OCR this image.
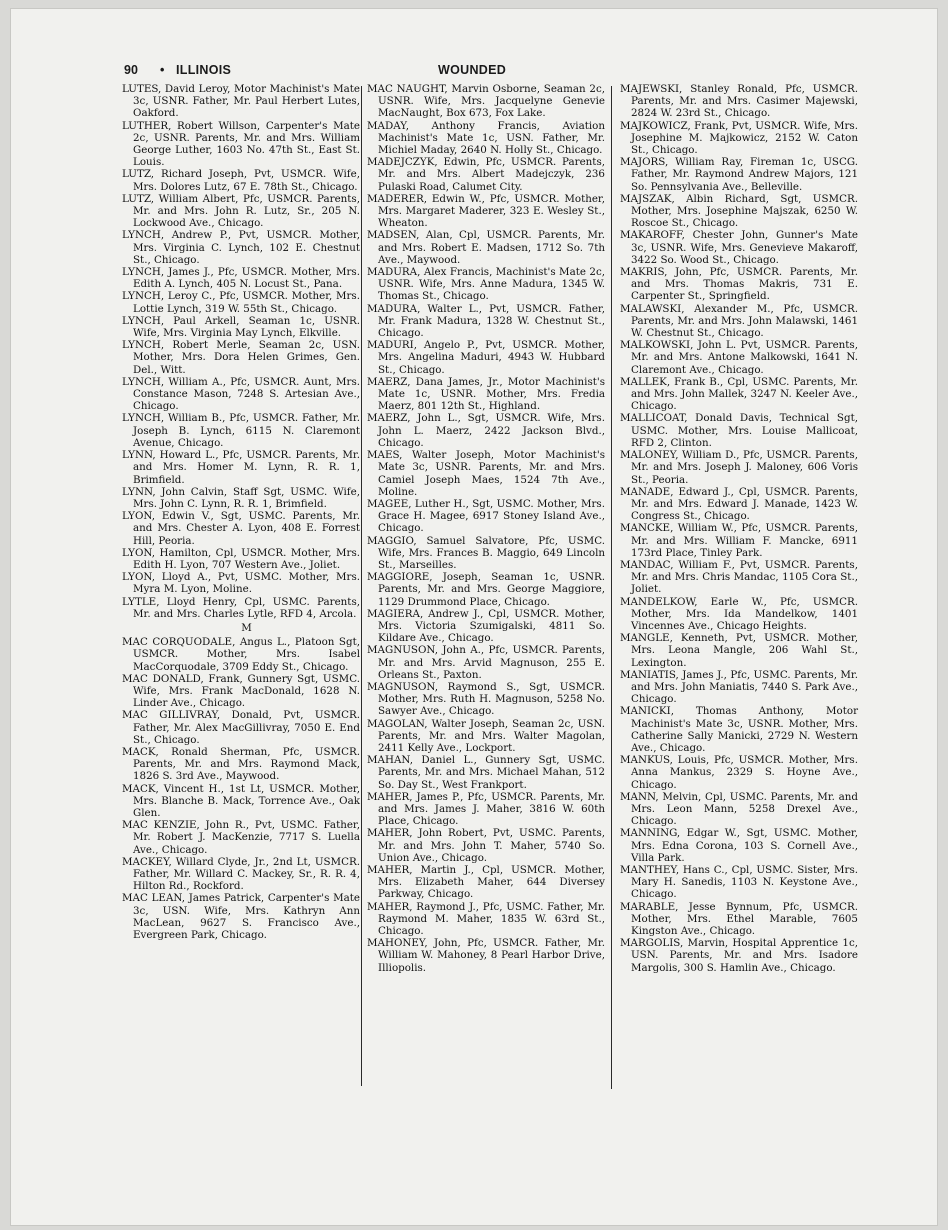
90 • ILLINOIS	WOUNDED

LUTES, David Leroy, Motor Machinist's Mate 3c, USNR. Father, Mr. Paul Herbert Lutes, Oakford.

LUTHER, Robert Willson, Carpenter's Mate 2c, USNR. Parents, Mr. and Mrs. William George Luther, 1603 No. 47th St., East St. Louis.

LUTZ, Richard Joseph, Pvt, USMCR. Wife, Mrs. Dolores Lutz, 67 E. 78th St., Chicago.

LUTZ, William Albert, Pfc, USMCR. Parents, Mr. and Mrs. John R. Lutz, Sr., 205 N. Lockwood Ave., Chicago.

LYNCH, Andrew P., Pvt, USMCR. Mother, Mrs. Virginia C. Lynch, 102 E. Chestnut St., Chicago.

LYNCH, James J., Pfc, USMCR. Mother, Mrs. Edith A. Lynch, 405 N. Locust St., Pana.

LYNCH, Leroy C., Pfc, USMCR. Mother, Mrs. Lottie Lynch, 319 W. 55th St., Chicago.

LYNCH, Paul Arkell, Seaman 1c, USNR. Wife, Mrs. Virginia May Lynch, Elkville.

LYNCH, Robert Merle, Seaman 2c, USN. Mother, Mrs. Dora Helen Grimes, Gen. Del., Witt.

LYNCH, William A., Pfc, USMCR. Aunt, Mrs. Constance Mason, 7248 S. Artesian Ave., Chicago.

LYNCH, William B., Pfc, USMCR. Father, Mr. Joseph B. Lynch, 6115 N. Claremont Avenue, Chicago.

LYNN, Howard L., Pfc, USMCR. Parents, Mr. and Mrs. Homer M. Lynn, R. R. 1, Brimfield.

LYNN, John Calvin, Staff Sgt, USMC. Wife, Mrs. John C. Lynn, R. R. 1, Brimfield.

LYON, Edwin V., Sgt, USMC. Parents, Mr. and Mrs. Chester A. Lyon, 408 E. Forrest Hill, Peoria.

LYON, Hamilton, Cpl, USMCR. Mother, Mrs. Edith H. Lyon, 707 Western Ave., Joliet.

LYON, Lloyd A., Pvt, USMC. Mother, Mrs. Myra M. Lyon, Moline.

LYTLE, Lloyd Henry, Cpl, USMC. Parents, Mr. and Mrs. Charles Lytle, RFD 4, Arcola.

M

MAC CORQUODALE, Angus L., Platoon Sgt, USMCR. Mother, Mrs. Isabel MacCorquodale, 3709 Eddy St., Chicago.

MAC DONALD, Frank, Gunnery Sgt, USMC. Wife, Mrs. Frank MacDonald, 1628 N. Linder Ave., Chicago.

MAC GILLIVRAY, Donald, Pvt, USMCR. Father, Mr. Alex MacGillivray, 7050 E. End St., Chicago.

MACK, Ronald Sherman, Pfc, USMCR. Parents, Mr. and Mrs. Raymond Mack, 1826 S. 3rd Ave., Maywood.

MACK, Vincent H., 1st Lt, USMCR. Mother, Mrs. Blanche B. Mack, Torrence Ave., Oak Glen.

MAC KENZIE, John R., Pvt, USMC. Father, Mr. Robert J. MacKenzie, 7717 S. Luella Ave., Chicago.

MACKEY, Willard Clyde, Jr., 2nd Lt, USMCR. Father, Mr. Willard C. Mackey, Sr., R. R. 4, Hilton Rd., Rockford.

MAC LEAN, James Patrick, Carpenter's Mate 3c, USN. Wife, Mrs. Kathryn Ann MacLean, 9627 S. Francisco Ave., Evergreen Park, Chicago.

MAC NAUGHT, Marvin Osborne, Seaman 2c, USNR. Wife, Mrs. Jacquelyne Genevie MacNaught, Box 673, Fox Lake.

MADAY, Anthony Francis, Aviation Machinist's Mate 1c, USN. Father, Mr. Michiel Maday, 2640 N. Holly St., Chicago.

MADEJCZYK, Edwin, Pfc, USMCR. Parents, Mr. and Mrs. Albert Madejczyk, 236 Pulaski Road, Calumet City.

MADERER, Edwin W., Pfc, USMCR. Mother, Mrs. Margaret Maderer, 323 E. Wesley St., Wheaton.

MADSEN, Alan, Cpl, USMCR. Parents, Mr. and Mrs. Robert E. Madsen, 1712 So. 7th Ave., Maywood.

MADURA, Alex Francis, Machinist's Mate 2c, USNR. Wife, Mrs. Anne Madura, 1345 W. Thomas St., Chicago.

MADURA, Walter L., Pvt, USMCR. Father, Mr. Frank Madura, 1328 W. Chestnut St., Chicago.

MADURI, Angelo P., Pvt, USMCR. Mother, Mrs. Angelina Maduri, 4943 W. Hubbard St., Chicago.

MAERZ, Dana James, Jr., Motor Machinist's Mate 1c, USNR. Mother, Mrs. Fredia Maerz, 801 12th St., Highland.

MAERZ, John L., Sgt, USMCR. Wife, Mrs. John L. Maerz, 2422 Jackson Blvd., Chicago.

MAES, Walter Joseph, Motor Machinist's Mate 3c, USNR. Parents, Mr. and Mrs. Camiel Joseph Maes, 1524 7th Ave., Moline.

MAGEE, Luther H., Sgt, USMC. Mother, Mrs. Grace H. Magee, 6917 Stoney Island Ave., Chicago.

MAGGIO, Samuel Salvatore, Pfc, USMC. Wife, Mrs. Frances B. Maggio, 649 Lincoln St., Marseilles.

MAGGIORE, Joseph, Seaman 1c, USNR. Parents, Mr. and Mrs. George Maggiore, 1129 Drummond Place, Chicago.

MAGIERA, Andrew J., Cpl, USMCR. Mother, Mrs. Victoria Szumigalski, 4811 So. Kildare Ave., Chicago.

MAGNUSON, John A., Pfc, USMCR. Parents, Mr. and Mrs. Arvid Magnuson, 255 E. Orleans St., Paxton.

MAGNUSON, Raymond S., Sgt, USMCR. Mother, Mrs. Ruth H. Magnuson, 5258 No. Sawyer Ave., Chicago.

MAGOLAN, Walter Joseph, Seaman 2c, USN. Parents, Mr. and Mrs. Walter Magolan, 2411 Kelly Ave., Lockport.

MAHAN, Daniel L., Gunnery Sgt, USMC. Parents, Mr. and Mrs. Michael Mahan, 512 So. Day St., West Frankport.

MAHER, James P., Pfc, USMCR. Parents, Mr. and Mrs. James J. Maher, 3816 W. 60th Place, Chicago.

MAHER, John Robert, Pvt, USMC. Parents, Mr. and Mrs. John T. Maher, 5740 So. Union Ave., Chicago.

MAHER, Martin J., Cpl, USMCR. Mother, Mrs. Elizabeth Maher, 644 Diversey Parkway, Chicago.

MAHER, Raymond J., Pfc, USMC. Father, Mr. Raymond M. Maher, 1835 W. 63rd St., Chicago.

MAHONEY, John, Pfc, USMCR. Father, Mr. William W. Mahoney, 8 Pearl Harbor Drive, Illiopolis.

MAJEWSKI, Stanley Ronald, Pfc, USMCR. Parents, Mr. and Mrs. Casimer Majewski, 2824 W. 23rd St., Chicago.

MAJKOWICZ, Frank, Pvt, USMCR. Wife, Mrs. Josephine M. Majkowicz, 2152 W. Caton St., Chicago.

MAJORS, William Ray, Fireman 1c, USCG. Father, Mr. Raymond Andrew Majors, 121 So. Pennsylvania Ave., Belleville.

MAJSZAK, Albin Richard, Sgt, USMCR. Mother, Mrs. Josephine Majszak, 6250 W. Roscoe St., Chicago.

MAKAROFF, Chester John, Gunner's Mate 3c, USNR. Wife, Mrs. Genevieve Makaroff, 3422 So. Wood St., Chicago.

MAKRIS, John, Pfc, USMCR. Parents, Mr. and Mrs. Thomas Makris, 731 E. Carpenter St., Springfield.

MALAWSKI, Alexander M., Pfc, USMCR. Parents, Mr. and Mrs. John Malawski, 1461 W. Chestnut St., Chicago.

MALKOWSKI, John L. Pvt, USMCR. Parents, Mr. and Mrs. Antone Malkowski, 1641 N. Claremont Ave., Chicago.

MALLEK, Frank B., Cpl, USMC. Parents, Mr. and Mrs. John Mallek, 3247 N. Keeler Ave., Chicago.

MALLICOAT, Donald Davis, Technical Sgt, USMC. Mother, Mrs. Louise Mallicoat, RFD 2, Clinton.

MALONEY, William D., Pfc, USMCR. Parents, Mr. and Mrs. Joseph J. Maloney, 606 Voris St., Peoria.

MANADE, Edward J., Cpl, USMCR. Parents, Mr. and Mrs. Edward J. Manade, 1423 W. Congress St., Chicago.

MANCKE, William W., Pfc, USMCR. Parents, Mr. and Mrs. William F. Mancke, 6911 173rd Place, Tinley Park.

MANDAC, William F., Pvt, USMCR. Parents, Mr. and Mrs. Chris Mandac, 1105 Cora St., Joliet.

MANDELKOW, Earle W., Pfc, USMCR. Mother, Mrs. Ida Mandelkow, 1401 Vincennes Ave., Chicago Heights.

MANGLE, Kenneth, Pvt, USMCR. Mother, Mrs. Leona Mangle, 206 Wahl St., Lexington.

MANIATIS, James J., Pfc, USMC. Parents, Mr. and Mrs. John Maniatis, 7440 S. Park Ave., Chicago.

MANICKI, Thomas Anthony, Motor Machinist's Mate 3c, USNR. Mother, Mrs. Catherine Sally Manicki, 2729 N. Western Ave., Chicago.

MANKUS, Louis, Pfc, USMCR. Mother, Mrs. Anna Mankus, 2329 S. Hoyne Ave., Chicago.

MANN, Melvin, Cpl, USMC. Parents, Mr. and Mrs. Leon Mann, 5258 Drexel Ave., Chicago.

MANNING, Edgar W., Sgt, USMC. Mother, Mrs. Edna Corona, 103 S. Cornell Ave., Villa Park.

MANTHEY, Hans C., Cpl, USMC. Sister, Mrs. Mary H. Sanedis, 1103 N. Keystone Ave., Chicago.

MARABLE, Jesse Bynnum, Pfc, USMCR. Mother, Mrs. Ethel Marable, 7605 Kingston Ave., Chicago.

MARGOLIS, Marvin, Hospital Apprentice 1c, USN. Parents, Mr. and Mrs. Isadore Margolis, 300 S. Hamlin Ave., Chicago.
